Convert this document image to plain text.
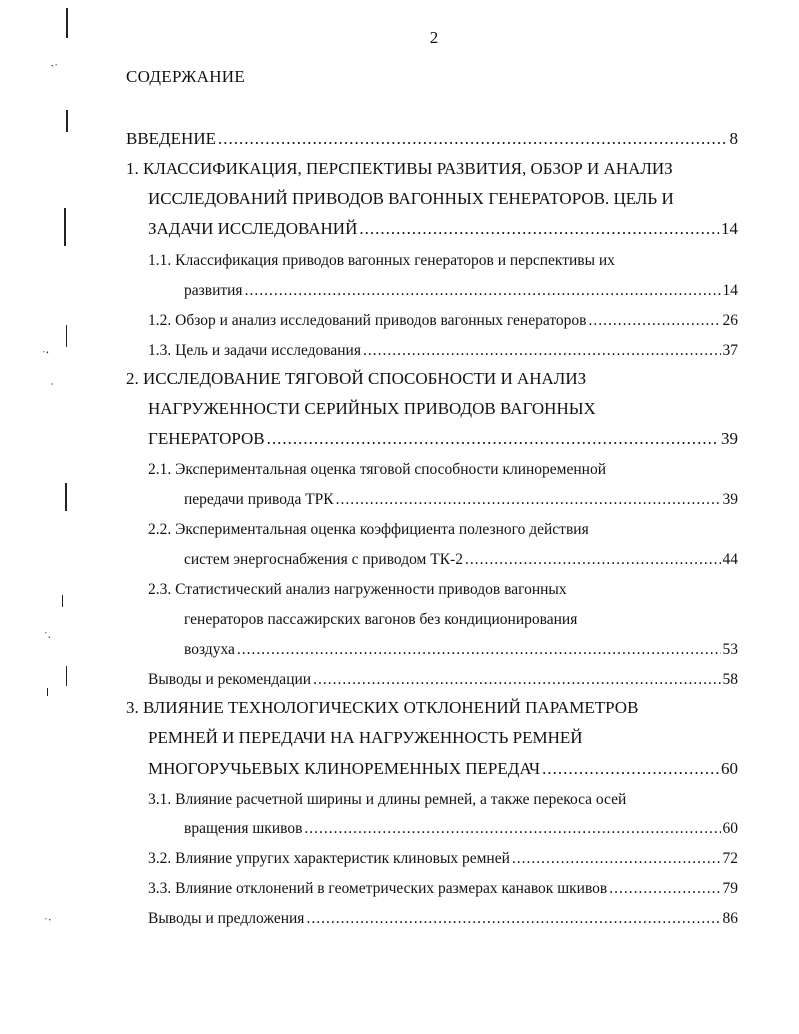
·ˑ
ˑ⸱
ˌ
ˑ.
ˑ·
2
СОДЕРЖАНИЕ
ВВЕДЕНИЕ .....	8
1. КЛАССИФИКАЦИЯ, ПЕРСПЕКТИВЫ РАЗВИТИЯ, ОБЗОР И АНАЛИЗ
ИССЛЕДОВАНИЙ ПРИВОДОВ ВАГОННЫХ ГЕНЕРАТОРОВ. ЦЕЛЬ И
ЗАДАЧИ ИССЛЕДОВАНИЙ .....	14
1.1. Классификация приводов вагонных генераторов и перспективы их
развития .....	14
1.2. Обзор и анализ исследований приводов вагонных генераторов .....	26
1.3. Цель и задачи исследования .....	37
2. ИССЛЕДОВАНИЕ ТЯГОВОЙ СПОСОБНОСТИ И АНАЛИЗ
НАГРУЖЕННОСТИ СЕРИЙНЫХ ПРИВОДОВ ВАГОННЫХ
ГЕНЕРАТОРОВ .....	39
2.1. Экспериментальная оценка тяговой способности клиноременной
передачи привода ТРК .....	39
2.2. Экспериментальная оценка коэффициента полезного действия
систем энергоснабжения с приводом ТК-2 .....	44
2.3. Статистический анализ нагруженности приводов вагонных
генераторов пассажирских вагонов без кондиционирования
воздуха .....	53
Выводы и рекомендации .....	58
3. ВЛИЯНИЕ ТЕХНОЛОГИЧЕСКИХ ОТКЛОНЕНИЙ ПАРАМЕТРОВ
РЕМНЕЙ И ПЕРЕДАЧИ НА НАГРУЖЕННОСТЬ РЕМНЕЙ
МНОГОРУЧЬЕВЫХ КЛИНОРЕМЕННЫХ ПЕРЕДАЧ .....	60
3.1. Влияние расчетной ширины и длины ремней, а также перекоса осей
вращения шкивов .....	60
3.2. Влияние упругих характеристик клиновых ремней .....	72
3.3. Влияние отклонений в геометрических размерах канавок шкивов .....	79
Выводы и предложения .....	86
